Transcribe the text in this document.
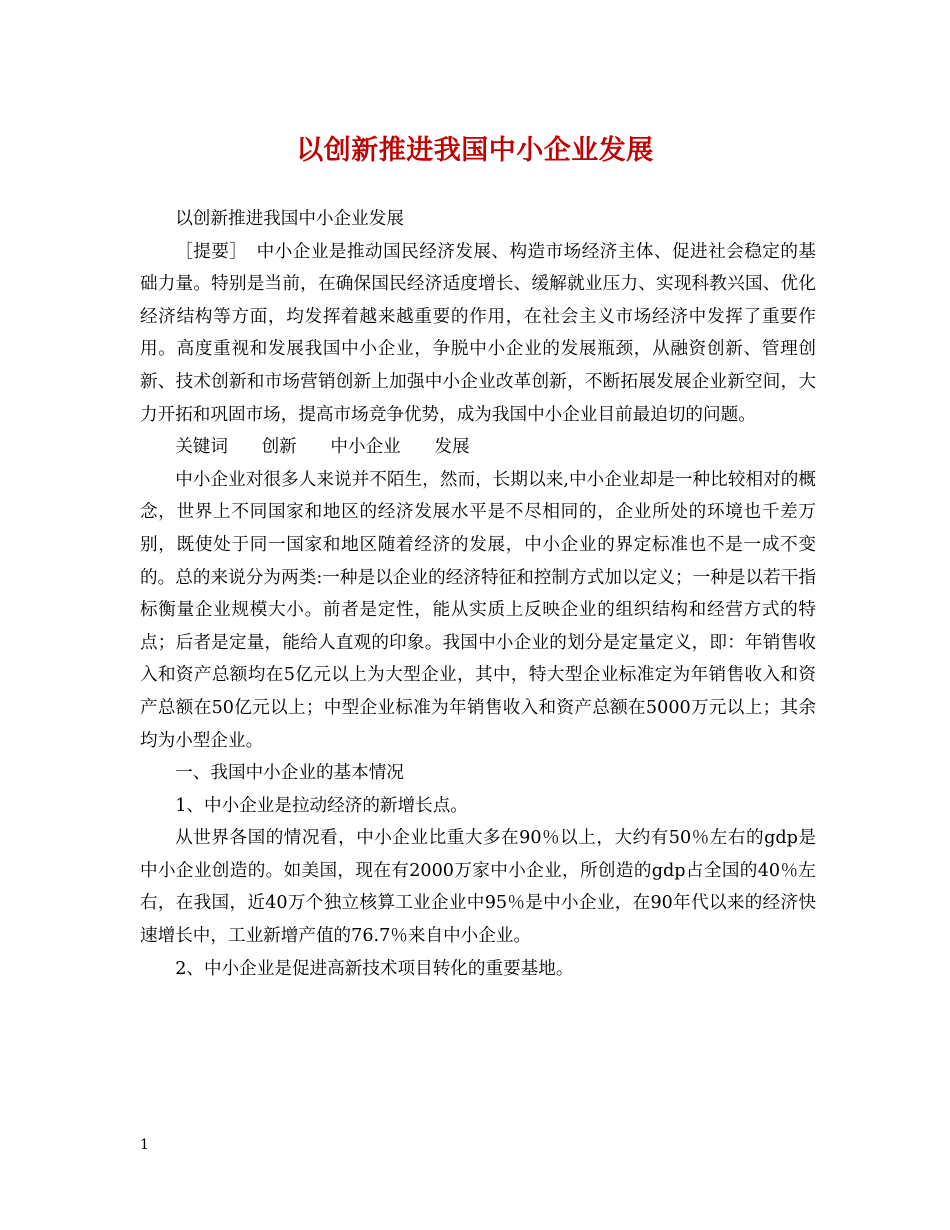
以创新推进我国中小企业发展

以创新推进我国中小企业发展

［提要］　中小企业是推动国民经济发展、构造市场经济主体、促进社会稳定的基础力量。特别是当前，在确保国民经济适度增长、缓解就业压力、实现科教兴国、优化经济结构等方面，均发挥着越来越重要的作用，在社会主义市场经济中发挥了重要作用。高度重视和发展我国中小企业，争脱中小企业的发展瓶颈，从融资创新、管理创新、技术创新和市场营销创新上加强中小企业改革创新，不断拓展发展企业新空间，大力开拓和巩固市场，提高市场竞争优势，成为我国中小企业目前最迫切的问题。

关键词 创新 中小企业 发展

中小企业对很多人来说并不陌生，然而，长期以来,中小企业却是一种比较相对的概念，世界上不同国家和地区的经济发展水平是不尽相同的，企业所处的环境也千差万别，既使处于同一国家和地区随着经济的发展，中小企业的界定标准也不是一成不变的。总的来说分为两类:一种是以企业的经济特征和控制方式加以定义；一种是以若干指标衡量企业规模大小。前者是定性，能从实质上反映企业的组织结构和经营方式的特点；后者是定量，能给人直观的印象。我国中小企业的划分是定量定义，即：年销售收入和资产总额均在5亿元以上为大型企业，其中，特大型企业标准定为年销售收入和资产总额在50亿元以上；中型企业标准为年销售收入和资产总额在5000万元以上；其余均为小型企业。

一、我国中小企业的基本情况

1、中小企业是拉动经济的新增长点。

从世界各国的情况看，中小企业比重大多在90％以上，大约有50％左右的gdp是中小企业创造的。如美国，现在有2000万家中小企业，所创造的gdp占全国的40％左右，在我国，近40万个独立核算工业企业中95％是中小企业，在90年代以来的经济快速增长中，工业新增产值的76.7％来自中小企业。

2、中小企业是促进高新技术项目转化的重要基地。

1
